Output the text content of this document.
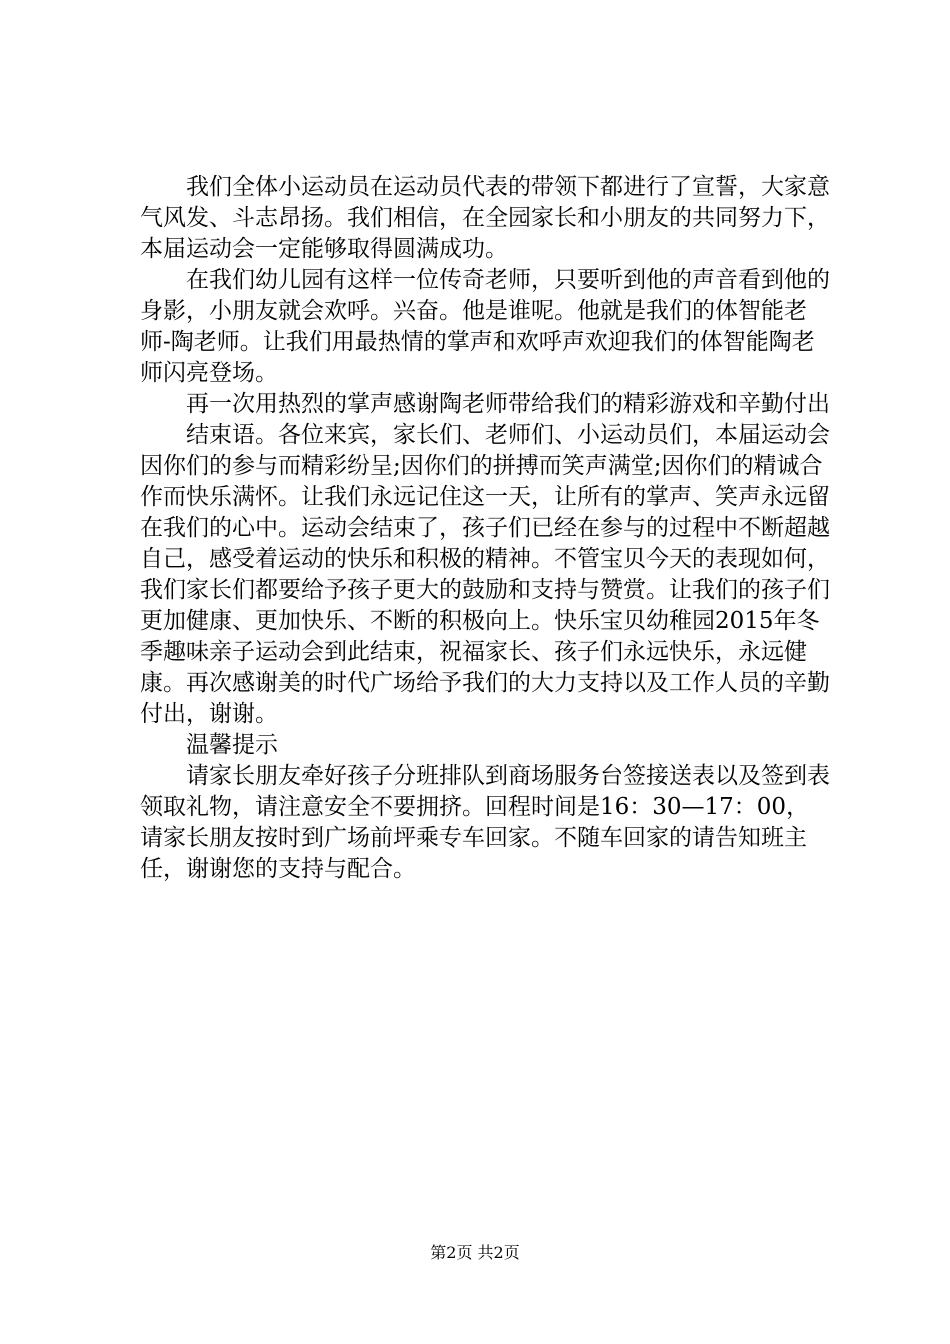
我们全体小运动员在运动员代表的带领下都进行了宣誓，大家意气风发、斗志昂扬。我们相信，在全园家长和小朋友的共同努力下，本届运动会一定能够取得圆满成功。

在我们幼儿园有这样一位传奇老师，只要听到他的声音看到他的身影，小朋友就会欢呼。兴奋。他是谁呢。他就是我们的体智能老师-陶老师。让我们用最热情的掌声和欢呼声欢迎我们的体智能陶老师闪亮登场。

再一次用热烈的掌声感谢陶老师带给我们的精彩游戏和辛勤付出

结束语。各位来宾，家长们、老师们、小运动员们，本届运动会因你们的参与而精彩纷呈;因你们的拼搏而笑声满堂;因你们的精诚合作而快乐满怀。让我们永远记住这一天，让所有的掌声、笑声永远留在我们的心中。运动会结束了，孩子们已经在参与的过程中不断超越自己，感受着运动的快乐和积极的精神。不管宝贝今天的表现如何，我们家长们都要给予孩子更大的鼓励和支持与赞赏。让我们的孩子们更加健康、更加快乐、不断的积极向上。快乐宝贝幼稚园2015年冬季趣味亲子运动会到此结束，祝福家长、孩子们永远快乐，永远健康。再次感谢美的时代广场给予我们的大力支持以及工作人员的辛勤付出，谢谢。

温馨提示

请家长朋友牵好孩子分班排队到商场服务台签接送表以及签到表领取礼物，请注意安全不要拥挤。回程时间是16：30—17：00，请家长朋友按时到广场前坪乘专车回家。不随车回家的请告知班主任，谢谢您的支持与配合。

第2页 共2页
